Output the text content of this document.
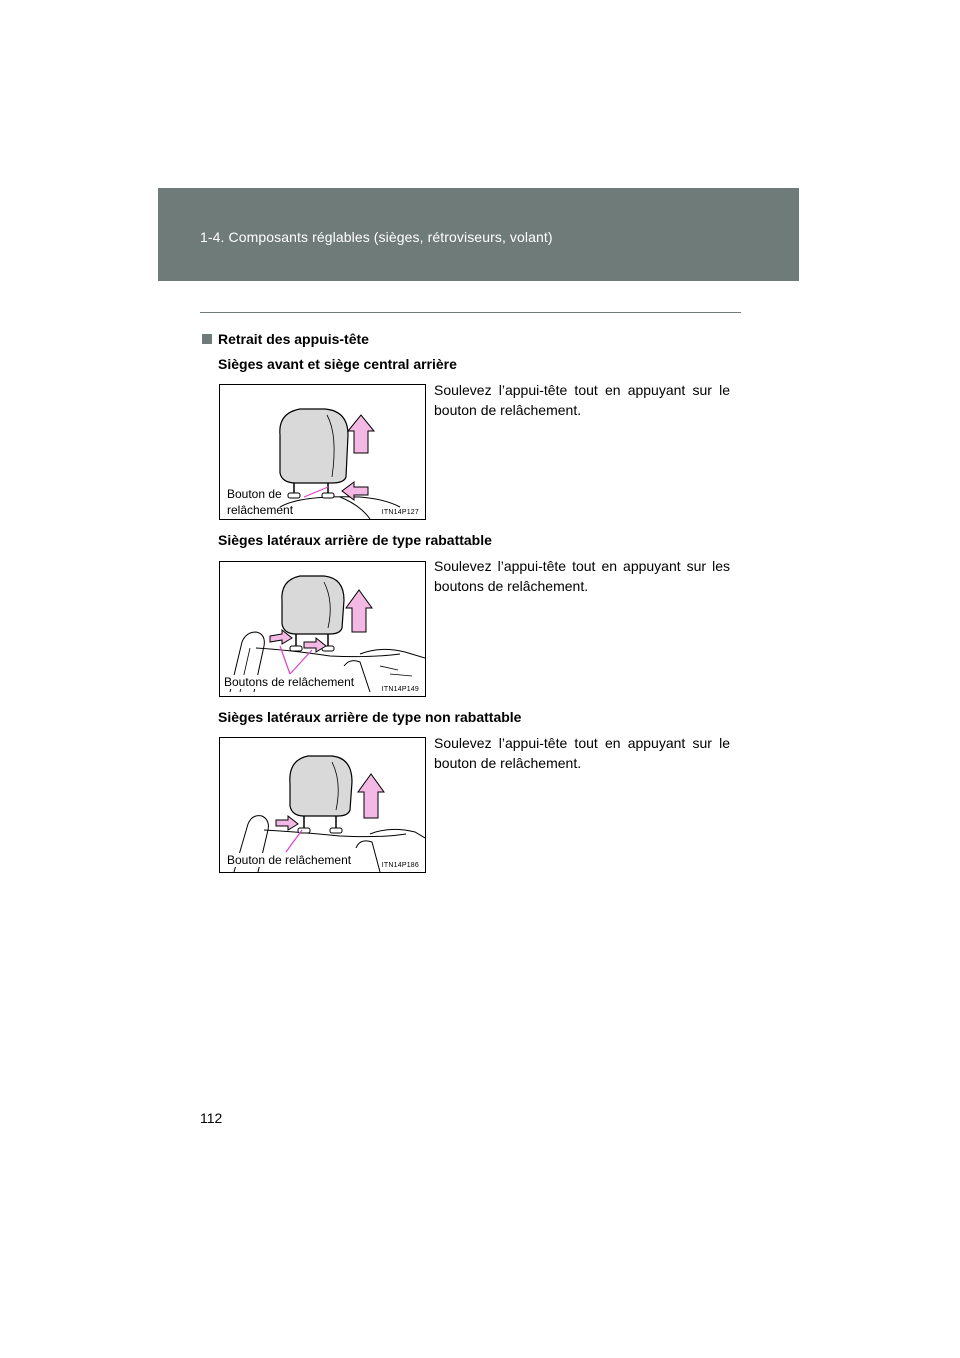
1-4. Composants réglables (sièges, rétroviseurs, volant)
Retrait des appuis-tête
Sièges avant et siège central arrière
Soulevez l’appui-tête tout en appuyant sur le bouton de relâchement.
Bouton de
relâchement	ITN14P127
Sièges latéraux arrière de type rabattable
Soulevez l’appui-tête tout en appuyant sur les boutons de relâchement.
Boutons de relâchement
ITN14P149
Sièges latéraux arrière de type non rabattable
Soulevez l’appui-tête tout en appuyant sur le bouton de relâchement.
Bouton de relâchement	ITN14P186
112
